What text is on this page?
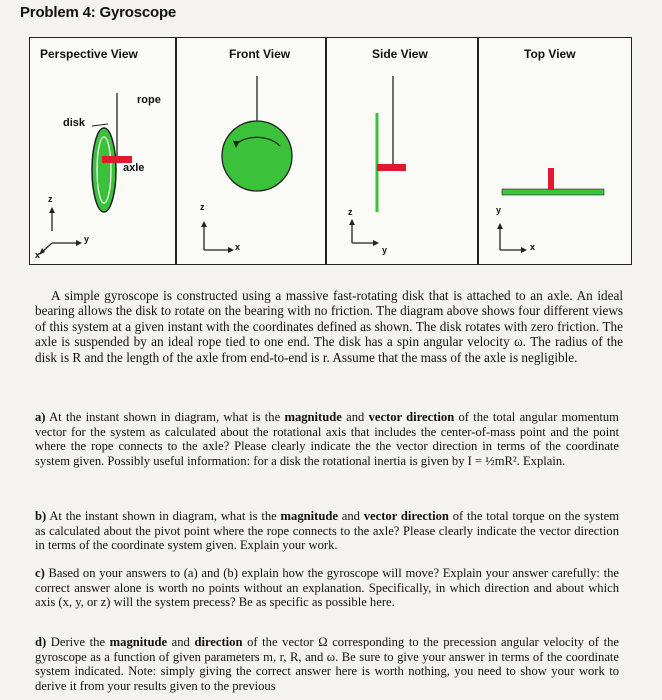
Problem 4: Gyroscope
Perspective View	Front View	Side View	Top View
rope
disk
axle
z
y
x
z
x
z
y
y
x

A simple gyroscope is constructed using a massive fast-rotating disk that is attached to an axle. An ideal bearing allows the disk to rotate on the bearing with no friction. The diagram above shows four different views of this system at a given instant with the coordinates defined as shown. The disk rotates with zero friction. The axle is suspended by an ideal rope tied to one end. The disk has a spin angular velocity ω. The radius of the disk is R and the length of the axle from end-to-end is r. Assume that the mass of the axle is negligible.

a) At the instant shown in diagram, what is the magnitude and vector direction of the total angular momentum vector for the system as calculated about the rotational axis that includes the center-of-mass point and the point where the rope connects to the axle? Please clearly indicate the the vector direction in terms of the coordinate system given. Possibly useful information: for a disk the rotational inertia is given by I = ½mR². Explain.

b) At the instant shown in diagram, what is the magnitude and vector direction of the total torque on the system as calculated about the pivot point where the rope connects to the axle? Please clearly indicate the vector direction in terms of the coordinate system given. Explain your work.

c) Based on your answers to (a) and (b) explain how the gyroscope will move? Explain your answer carefully: the correct answer alone is worth no points without an explanation. Specifically, in which direction and about which axis (x, y, or z) will the system precess? Be as specific as possible here.

d) Derive the magnitude and direction of the vector Ω corresponding to the precession angular velocity of the gyroscope as a function of given parameters m, r, R, and ω. Be sure to give your answer in terms of the coordinate system indicated. Note: simply giving the correct answer here is worth nothing, you need to show your work to derive it from your results given to the previous
